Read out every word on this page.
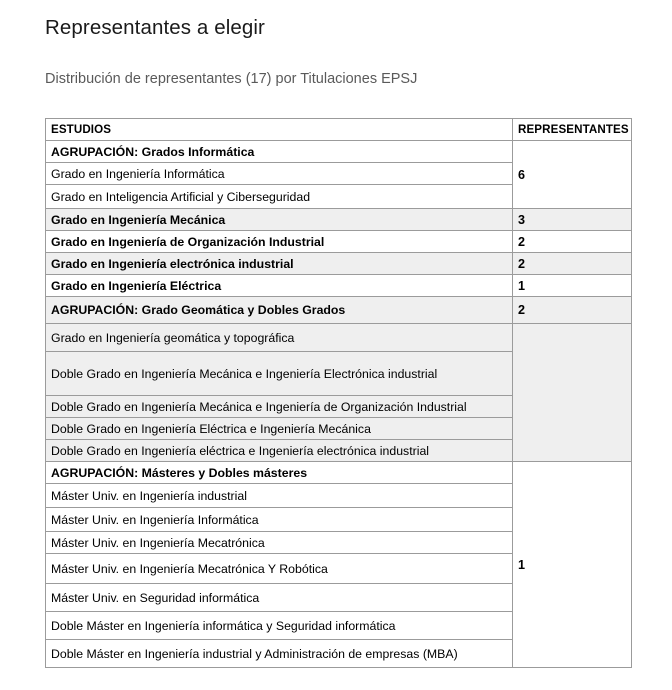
Representantes a elegir

Distribución de representantes (17) por Titulaciones EPSJ

ESTUDIOS	REPRESENTANTES
AGRUPACIÓN: Grados Informática	6
Grado en Ingeniería Informática	
Grado en Inteligencia Artificial y Ciberseguridad	
Grado en Ingeniería Mecánica	3
Grado en Ingeniería de Organización Industrial	2
Grado en Ingeniería electrónica industrial	2
Grado en Ingeniería Eléctrica	1
AGRUPACIÓN: Grado Geomática y Dobles Grados	2
Grado en Ingeniería geomática y topográfica	
Doble Grado en Ingeniería Mecánica e Ingeniería Electrónica industrial	
Doble Grado en Ingeniería Mecánica e Ingeniería de Organización Industrial	
Doble Grado en Ingeniería Eléctrica e Ingeniería Mecánica	
Doble Grado en Ingeniería eléctrica e Ingeniería electrónica industrial	
AGRUPACIÓN: Másteres y Dobles másteres	1
Máster Univ. en Ingeniería industrial	
Máster Univ. en Ingeniería Informática	
Máster Univ. en Ingeniería Mecatrónica	
Máster Univ. en Ingeniería Mecatrónica Y Robótica	
Máster Univ. en Seguridad informática	
Doble Máster en Ingeniería informática y Seguridad informática	
Doble Máster en Ingeniería industrial y Administración de empresas (MBA)	
